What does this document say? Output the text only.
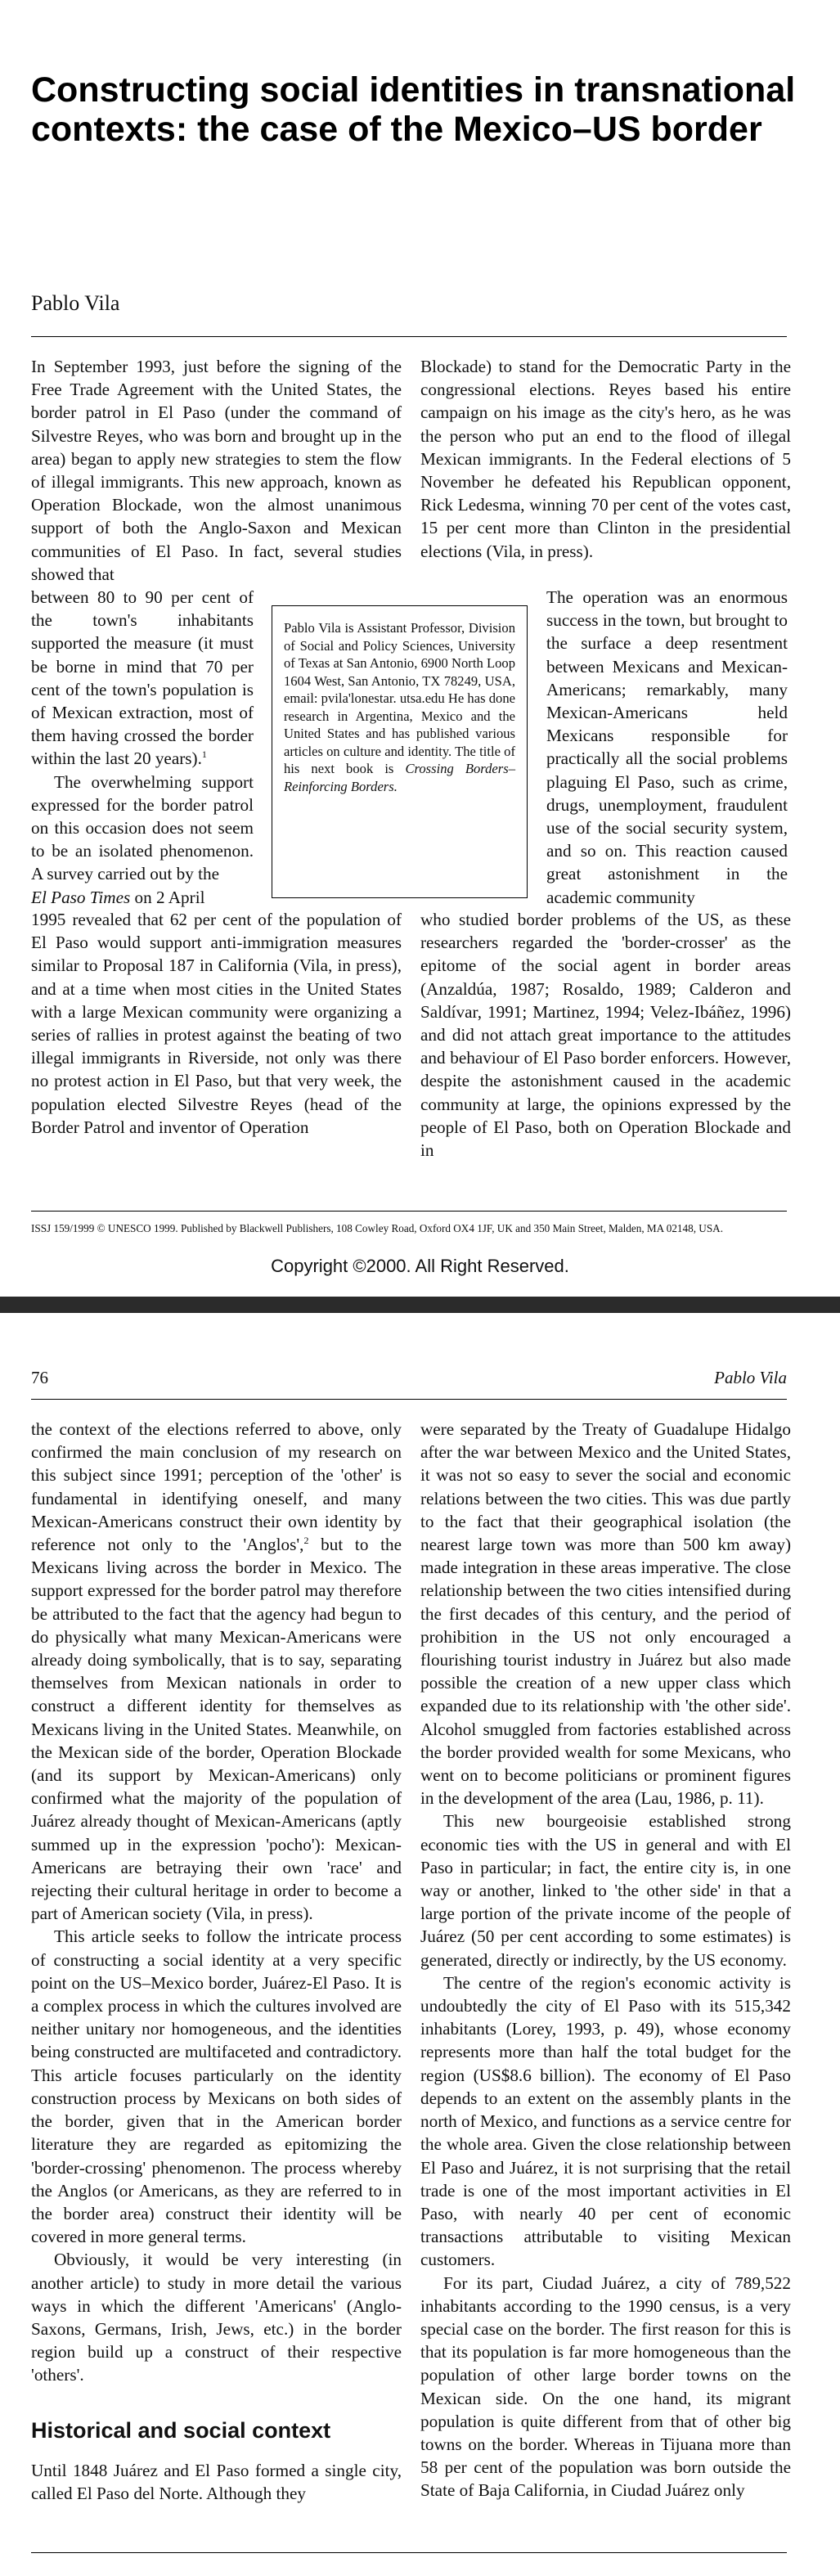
Constructing social identities in transnational contexts: the case of the Mexico–US border
Pablo Vila

In September 1993, just before the signing of the Free Trade Agreement with the United States, the border patrol in El Paso (under the command of Silvestre Reyes, who was born and brought up in the area) began to apply new strategies to stem the flow of illegal immigrants. This new approach, known as Operation Blockade, won the almost unanimous support of both the Anglo-Saxon and Mexican communities of El Paso. In fact, several studies showed that

between 80 to 90 per cent of the town's inhabitants supported the measure (it must be borne in mind that 70 per cent of the town's population is of Mexican extraction, most of them having crossed the border within the last 20 years).$^1$

The overwhelming support expressed for the border patrol on this occasion does not seem to be an isolated phenomenon. A survey carried out by the
El Paso Times on 2 April

1995 revealed that 62 per cent of the population of El Paso would support anti-immigration measures similar to Proposal 187 in California (Vila, in press), and at a time when most cities in the United States with a large Mexican community were organizing a series of rallies in protest against the beating of two illegal immigrants in Riverside, not only was there no protest action in El Paso, but that very week, the population elected Silvestre Reyes (head of the Border Patrol and inventor of Operation

Blockade) to stand for the Democratic Party in the congressional elections. Reyes based his entire campaign on his image as the city's hero, as he was the person who put an end to the flood of illegal Mexican immigrants. In the Federal elections of 5 November he defeated his Republican opponent, Rick Ledesma, winning 70 per cent of the votes cast, 15 per cent more than Clinton in the presidential elections (Vila, in press).

The operation was an enormous success in the town, but brought to the surface a deep resentment between Mexicans and Mexican-Americans; remarkably, many Mexican-Americans held Mexicans responsible for practically all the social problems plaguing El Paso, such as crime, drugs, unemployment, fraudulent use of the social security system, and so on. This reaction caused great astonishment in the academic community

who studied border problems of the US, as these researchers regarded the 'border-crosser' as the epitome of the social agent in border areas (Anzaldúa, 1987; Rosaldo, 1989; Calderon and Saldívar, 1991; Martinez, 1994; Velez-Ibáñez, 1996) and did not attach great importance to the attitudes and behaviour of El Paso border enforcers. However, despite the astonishment caused in the academic community at large, the opinions expressed by the people of El Paso, both on Operation Blockade and in

Pablo Vila is Assistant Professor, Division of Social and Policy Sciences, University of Texas at San Antonio, 6900 North Loop 1604 West, San Antonio, TX 78249, USA, email: pvila'lonestar. utsa.edu He has done research in Argentina, Mexico and the United States and has published various articles on culture and identity. The title of his next book is Crossing Borders–Reinforcing Borders.
ISSJ 159/1999 © UNESCO 1999. Published by Blackwell Publishers, 108 Cowley Road, Oxford OX4 1JF, UK and 350 Main Street, Malden, MA 02148, USA.
Copyright ©2000. All Right Reserved.
76	Pablo Vila

the context of the elections referred to above, only confirmed the main conclusion of my research on this subject since 1991; perception of the 'other' is fundamental in identifying oneself, and many Mexican-Americans construct their own identity by reference not only to the 'Anglos',$^2$ but to the Mexicans living across the border in Mexico. The support expressed for the border patrol may therefore be attributed to the fact that the agency had begun to do physically what many Mexican-Americans were already doing symbolically, that is to say, separating themselves from Mexican nationals in order to construct a different identity for themselves as Mexicans living in the United States. Meanwhile, on the Mexican side of the border, Operation Blockade (and its support by Mexican-Americans) only confirmed what the majority of the population of Juárez already thought of Mexican-Americans (aptly summed up in the expression 'pocho'): Mexican-Americans are betraying their own 'race' and rejecting their cultural heritage in order to become a part of American society (Vila, in press).

This article seeks to follow the intricate process of constructing a social identity at a very specific point on the US–Mexico border, Juárez-El Paso. It is a complex process in which the cultures involved are neither unitary nor homogeneous, and the identities being constructed are multifaceted and contradictory. This article focuses particularly on the identity construction process by Mexicans on both sides of the border, given that in the American border literature they are regarded as epitomizing the 'border-crossing' phenomenon. The process whereby the Anglos (or Americans, as they are referred to in the border area) construct their identity will be covered in more general terms.

Obviously, it would be very interesting (in another article) to study in more detail the various ways in which the different 'Americans' (Anglo-Saxons, Germans, Irish, Jews, etc.) in the border region build up a construct of their respective 'others'.

Historical and social context

Until 1848 Juárez and El Paso formed a single city, called El Paso del Norte. Although they

were separated by the Treaty of Guadalupe Hidalgo after the war between Mexico and the United States, it was not so easy to sever the social and economic relations between the two cities. This was due partly to the fact that their geographical isolation (the nearest large town was more than 500 km away) made integration in these areas imperative. The close relationship between the two cities intensified during the first decades of this century, and the period of prohibition in the US not only encouraged a flourishing tourist industry in Juárez but also made possible the creation of a new upper class which expanded due to its relationship with 'the other side'. Alcohol smuggled from factories established across the border provided wealth for some Mexicans, who went on to become politicians or prominent figures in the development of the area (Lau, 1986, p. 11).

This new bourgeoisie established strong economic ties with the US in general and with El Paso in particular; in fact, the entire city is, in one way or another, linked to 'the other side' in that a large portion of the private income of the people of Juárez (50 per cent according to some estimates) is generated, directly or indirectly, by the US economy.

The centre of the region's economic activity is undoubtedly the city of El Paso with its 515,342 inhabitants (Lorey, 1993, p. 49), whose economy represents more than half the total budget for the region (US$8.6 billion). The economy of El Paso depends to an extent on the assembly plants in the north of Mexico, and functions as a service centre for the whole area. Given the close relationship between El Paso and Juárez, it is not surprising that the retail trade is one of the most important activities in El Paso, with nearly 40 per cent of economic transactions attributable to visiting Mexican customers.

For its part, Ciudad Juárez, a city of 789,522 inhabitants according to the 1990 census, is a very special case on the border. The first reason for this is that its population is far more homogeneous than the population of other large border towns on the Mexican side. On the one hand, its migrant population is quite different from that of other big towns on the border. Whereas in Tijuana more than 58 per cent of the population was born outside the State of Baja California, in Ciudad Juárez only
